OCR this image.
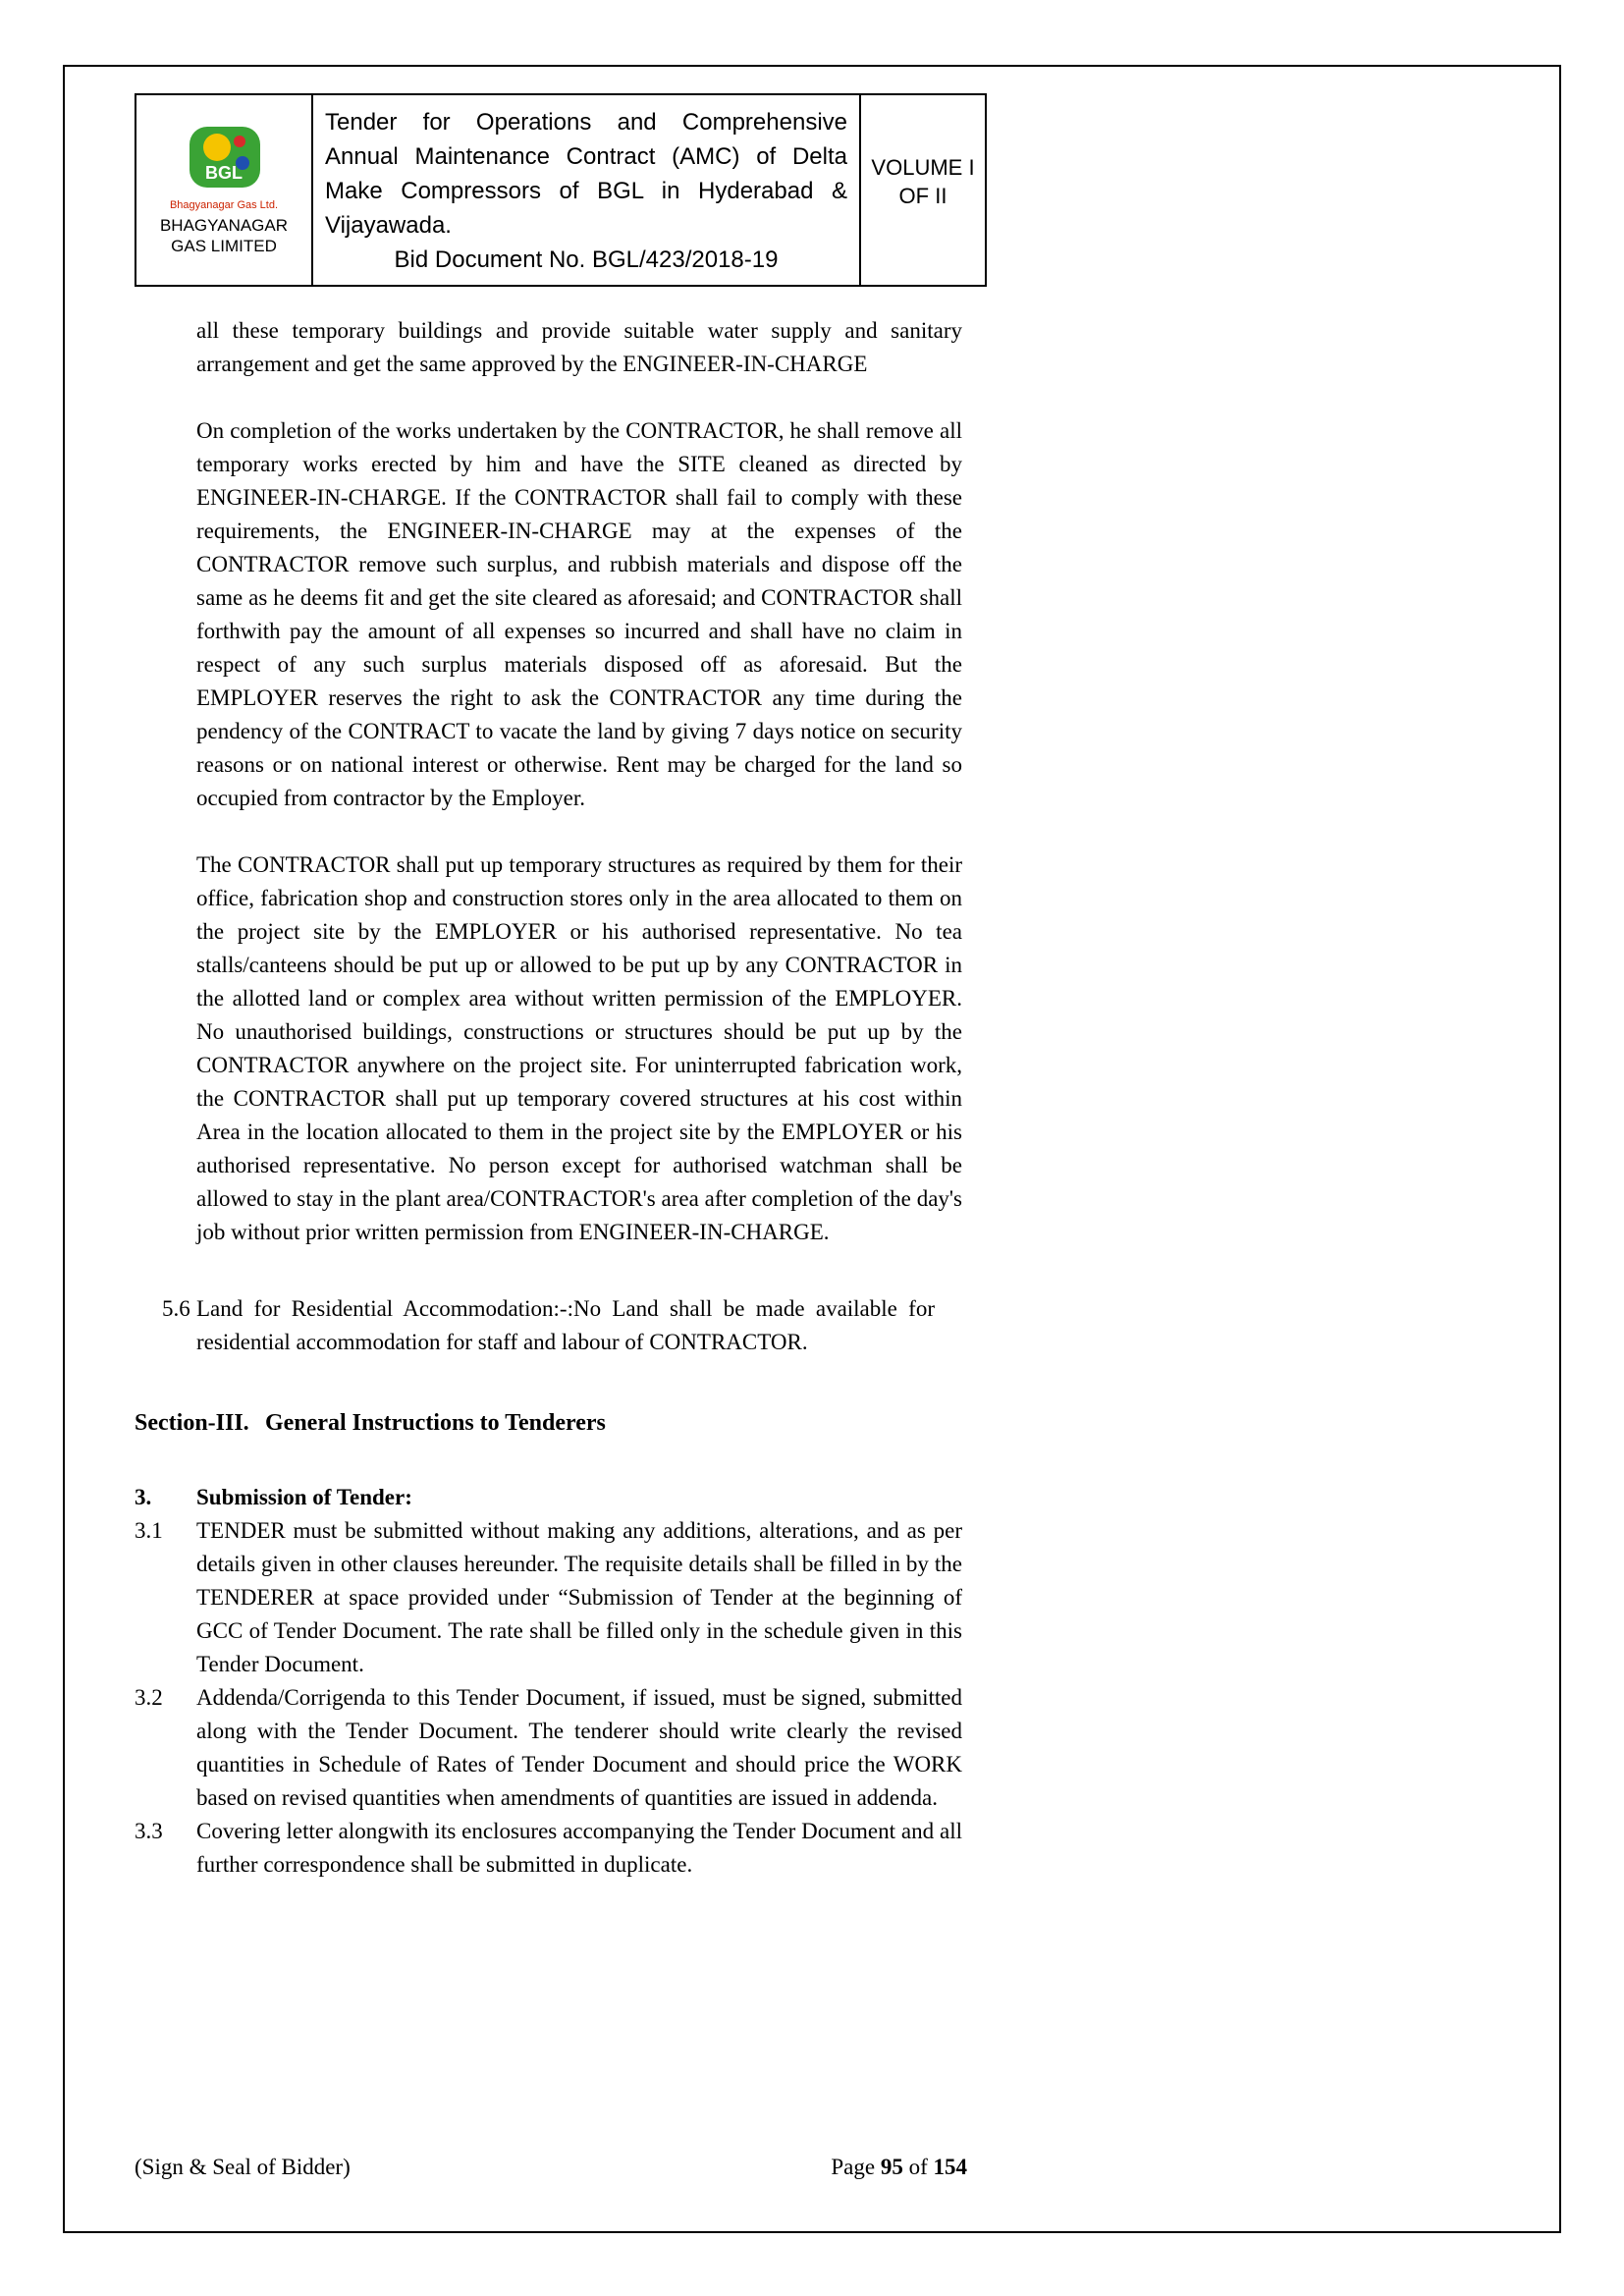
BGL
Bhagyanagar Gas Ltd.
BHAGYANAGAR GAS LIMITED
Tender for Operations and Comprehensive Annual Maintenance Contract (AMC) of Delta Make Compressors of BGL in Hyderabad & Vijayawada.
Bid Document No. BGL/423/2018-19
VOLUME I
OF II

all these temporary buildings and provide suitable water supply and sanitary arrangement and get the same approved by the ENGINEER-IN-CHARGE

On completion of the works undertaken by the CONTRACTOR, he shall remove all temporary works erected by him and have the SITE cleaned as directed by ENGINEER-IN-CHARGE. If the CONTRACTOR shall fail to comply with these requirements, the ENGINEER-IN-CHARGE may at the expenses of the CONTRACTOR remove such surplus, and rubbish materials and dispose off the same as he deems fit and get the site cleared as aforesaid; and CONTRACTOR shall forthwith pay the amount of all expenses so incurred and shall have no claim in respect of any such surplus materials disposed off as aforesaid. But the EMPLOYER reserves the right to ask the CONTRACTOR any time during the pendency of the CONTRACT to vacate the land by giving 7 days notice on security reasons or on national interest or otherwise. Rent may be charged for the land so occupied from contractor by the Employer.

The CONTRACTOR shall put up temporary structures as required by them for their office, fabrication shop and construction stores only in the area allocated to them on the project site by the EMPLOYER or his authorised representative. No tea stalls/canteens should be put up or allowed to be put up by any CONTRACTOR in the allotted land or complex area without written permission of the EMPLOYER. No unauthorised buildings, constructions or structures should be put up by the CONTRACTOR anywhere on the project site. For uninterrupted fabrication work, the CONTRACTOR shall put up temporary covered structures at his cost within Area in the location allocated to them in the project site by the EMPLOYER or his authorised representative. No person except for authorised watchman shall be allowed to stay in the plant area/CONTRACTOR's area after completion of the day's job without prior written permission from ENGINEER-IN-CHARGE.

5.6 Land for Residential Accommodation:-:No Land shall be made available for residential accommodation for staff and labour of CONTRACTOR.
Section-III. General Instructions to Tenderers
3.	Submission of Tender:
3.1	TENDER must be submitted without making any additions, alterations, and as per details given in other clauses hereunder. The requisite details shall be filled in by the TENDERER at space provided under “Submission of Tender at the beginning of GCC of Tender Document. The rate shall be filled only in the schedule given in this Tender Document.
3.2	Addenda/Corrigenda to this Tender Document, if issued, must be signed, submitted along with the Tender Document. The tenderer should write clearly the revised quantities in Schedule of Rates of Tender Document and should price the WORK based on revised quantities when amendments of quantities are issued in addenda.
3.3	Covering letter alongwith its enclosures accompanying the Tender Document and all further correspondence shall be submitted in duplicate.
(Sign & Seal of Bidder)	Page 95 of 154
